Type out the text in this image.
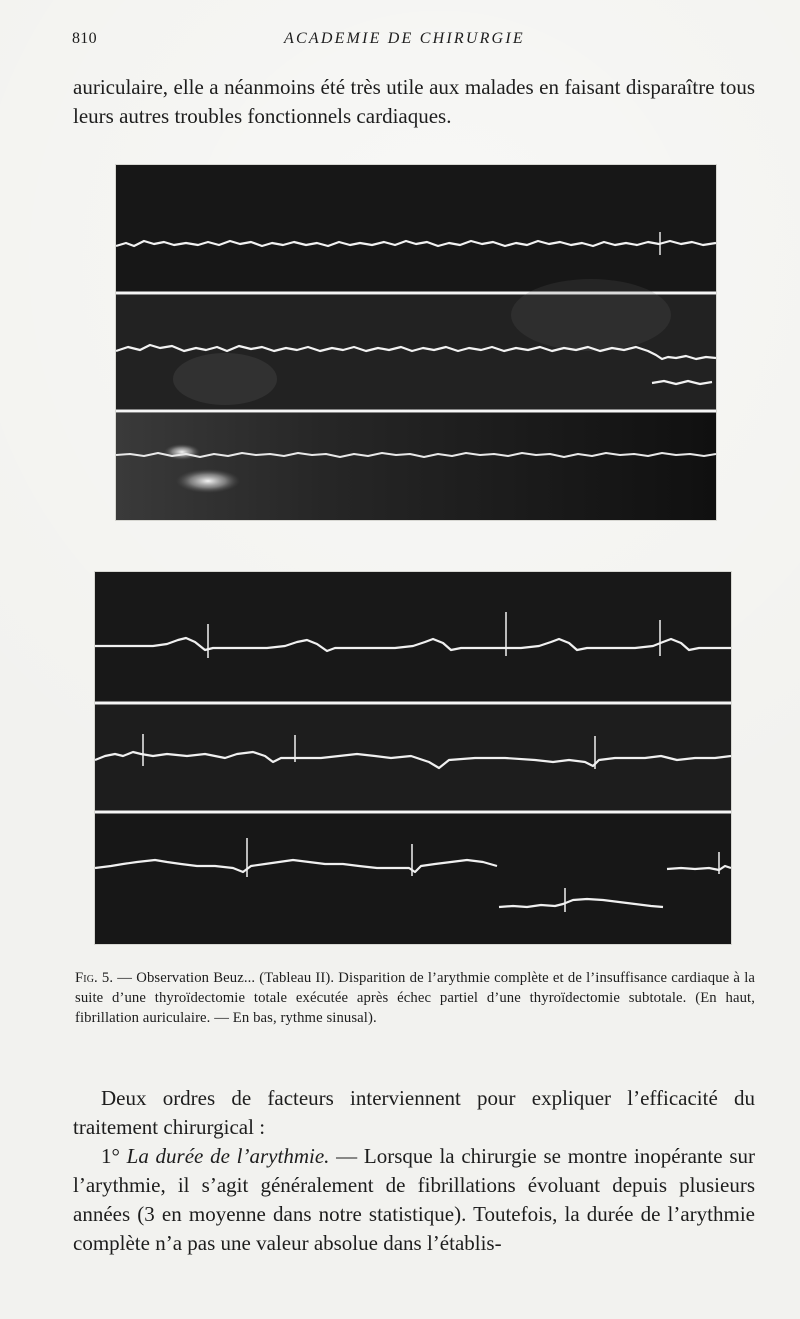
810	ACADEMIE DE CHIRURGIE

auriculaire, elle a néanmoins été très utile aux malades en faisant disparaître tous leurs autres troubles fonctionnels cardiaques.

Fig. 5. — Observation Beuz... (Tableau II). Disparition de l’arythmie complète et de l’insuffisance cardiaque à la suite d’une thyroïdectomie totale exécutée après échec partiel d’une thyroïdectomie subtotale. (En haut, fibrillation auriculaire. — En bas, rythme sinusal).

Deux ordres de facteurs interviennent pour expliquer l’efficacité du traitement chirurgical :

1° La durée de l’arythmie. — Lorsque la chirurgie se montre inopérante sur l’arythmie, il s’agit généralement de fibrillations évoluant depuis plusieurs années (3 en moyenne dans notre statistique). Toutefois, la durée de l’arythmie complète n’a pas une valeur absolue dans l’établis-
